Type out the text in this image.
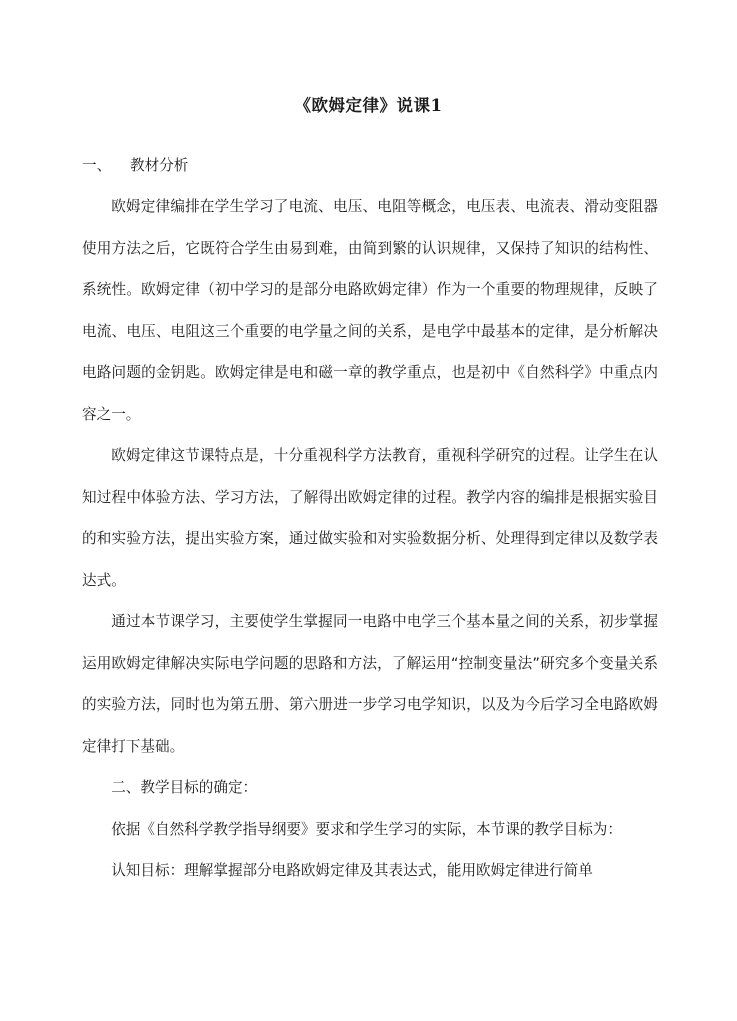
《欧姆定律》说课1
一、 教材分析

欧姆定律编排在学生学习了电流、电压、电阻等概念，电压表、电流表、滑动变阻器使用方法之后，它既符合学生由易到难，由简到繁的认识规律，又保持了知识的结构性、系统性。欧姆定律（初中学习的是部分电路欧姆定律）作为一个重要的物理规律，反映了电流、电压、电阻这三个重要的电学量之间的关系，是电学中最基本的定律，是分析解决电路问题的金钥匙。欧姆定律是电和磁一章的教学重点，也是初中《自然科学》中重点内容之一。

欧姆定律这节课特点是，十分重视科学方法教育，重视科学研究的过程。让学生在认知过程中体验方法、学习方法，了解得出欧姆定律的过程。教学内容的编排是根据实验目的和实验方法，提出实验方案，通过做实验和对实验数据分析、处理得到定律以及数学表达式。

通过本节课学习，主要使学生掌握同一电路中电学三个基本量之间的关系，初步掌握运用欧姆定律解决实际电学问题的思路和方法，了解运用“控制变量法”研究多个变量关系的实验方法，同时也为第五册、第六册进一步学习电学知识，以及为今后学习全电路欧姆定律打下基础。

二、教学目标的确定：

依据《自然科学教学指导纲要》要求和学生学习的实际，本节课的教学目标为：

认知目标：理解掌握部分电路欧姆定律及其表达式，能用欧姆定律进行简单
